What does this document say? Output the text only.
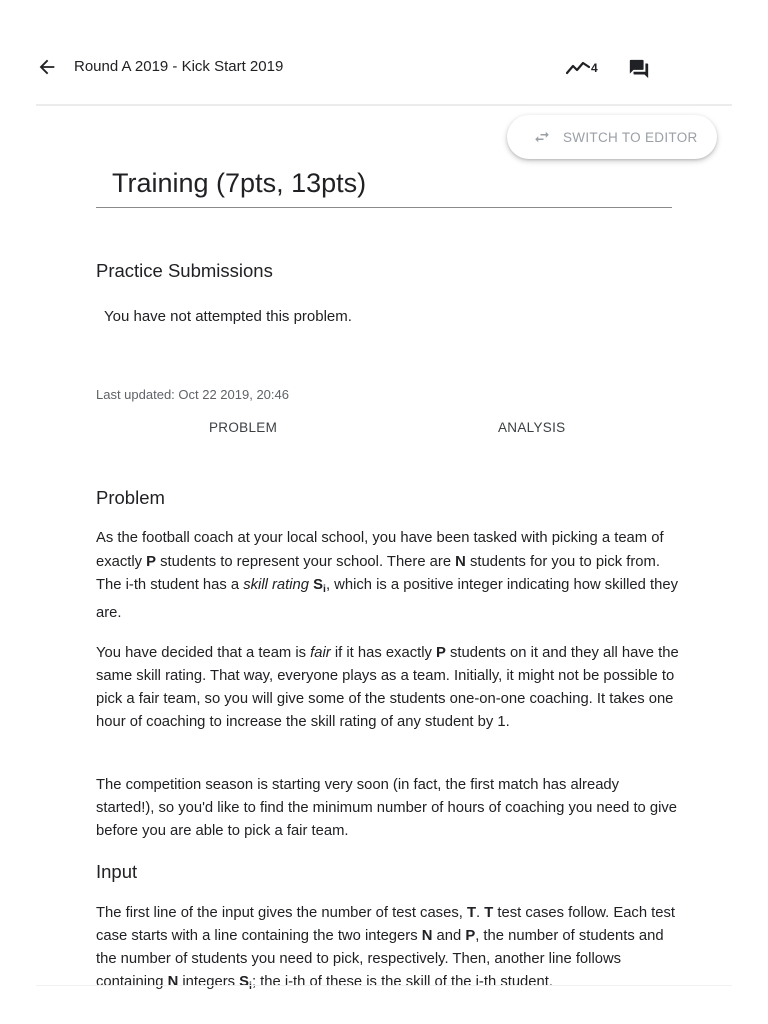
Round A 2019 - Kick Start 2019	4
SWITCH TO EDITOR
Training (7pts, 13pts)
Practice Submissions
You have not attempted this problem.
Last updated: Oct 22 2019, 20:46
PROBLEM	ANALYSIS
Problem

As the football coach at your local school, you have been tasked with picking a team of exactly P students to represent your school. There are N students for you to pick from. The i-th student has a skill rating $S_i$, which is a positive integer indicating how skilled they are.

You have decided that a team is fair if it has exactly P students on it and they all have the same skill rating. That way, everyone plays as a team. Initially, it might not be possible to pick a fair team, so you will give some of the students one-on-one coaching. It takes one hour of coaching to increase the skill rating of any student by 1.

The competition season is starting very soon (in fact, the first match has already started!), so you'd like to find the minimum number of hours of coaching you need to give before you are able to pick a fair team.

Input

The first line of the input gives the number of test cases, T. T test cases follow. Each test case starts with a line containing the two integers N and P, the number of students and the number of students you need to pick, respectively. Then, another line follows containing N integers $S_i$; the i-th of these is the skill of the i-th student.
